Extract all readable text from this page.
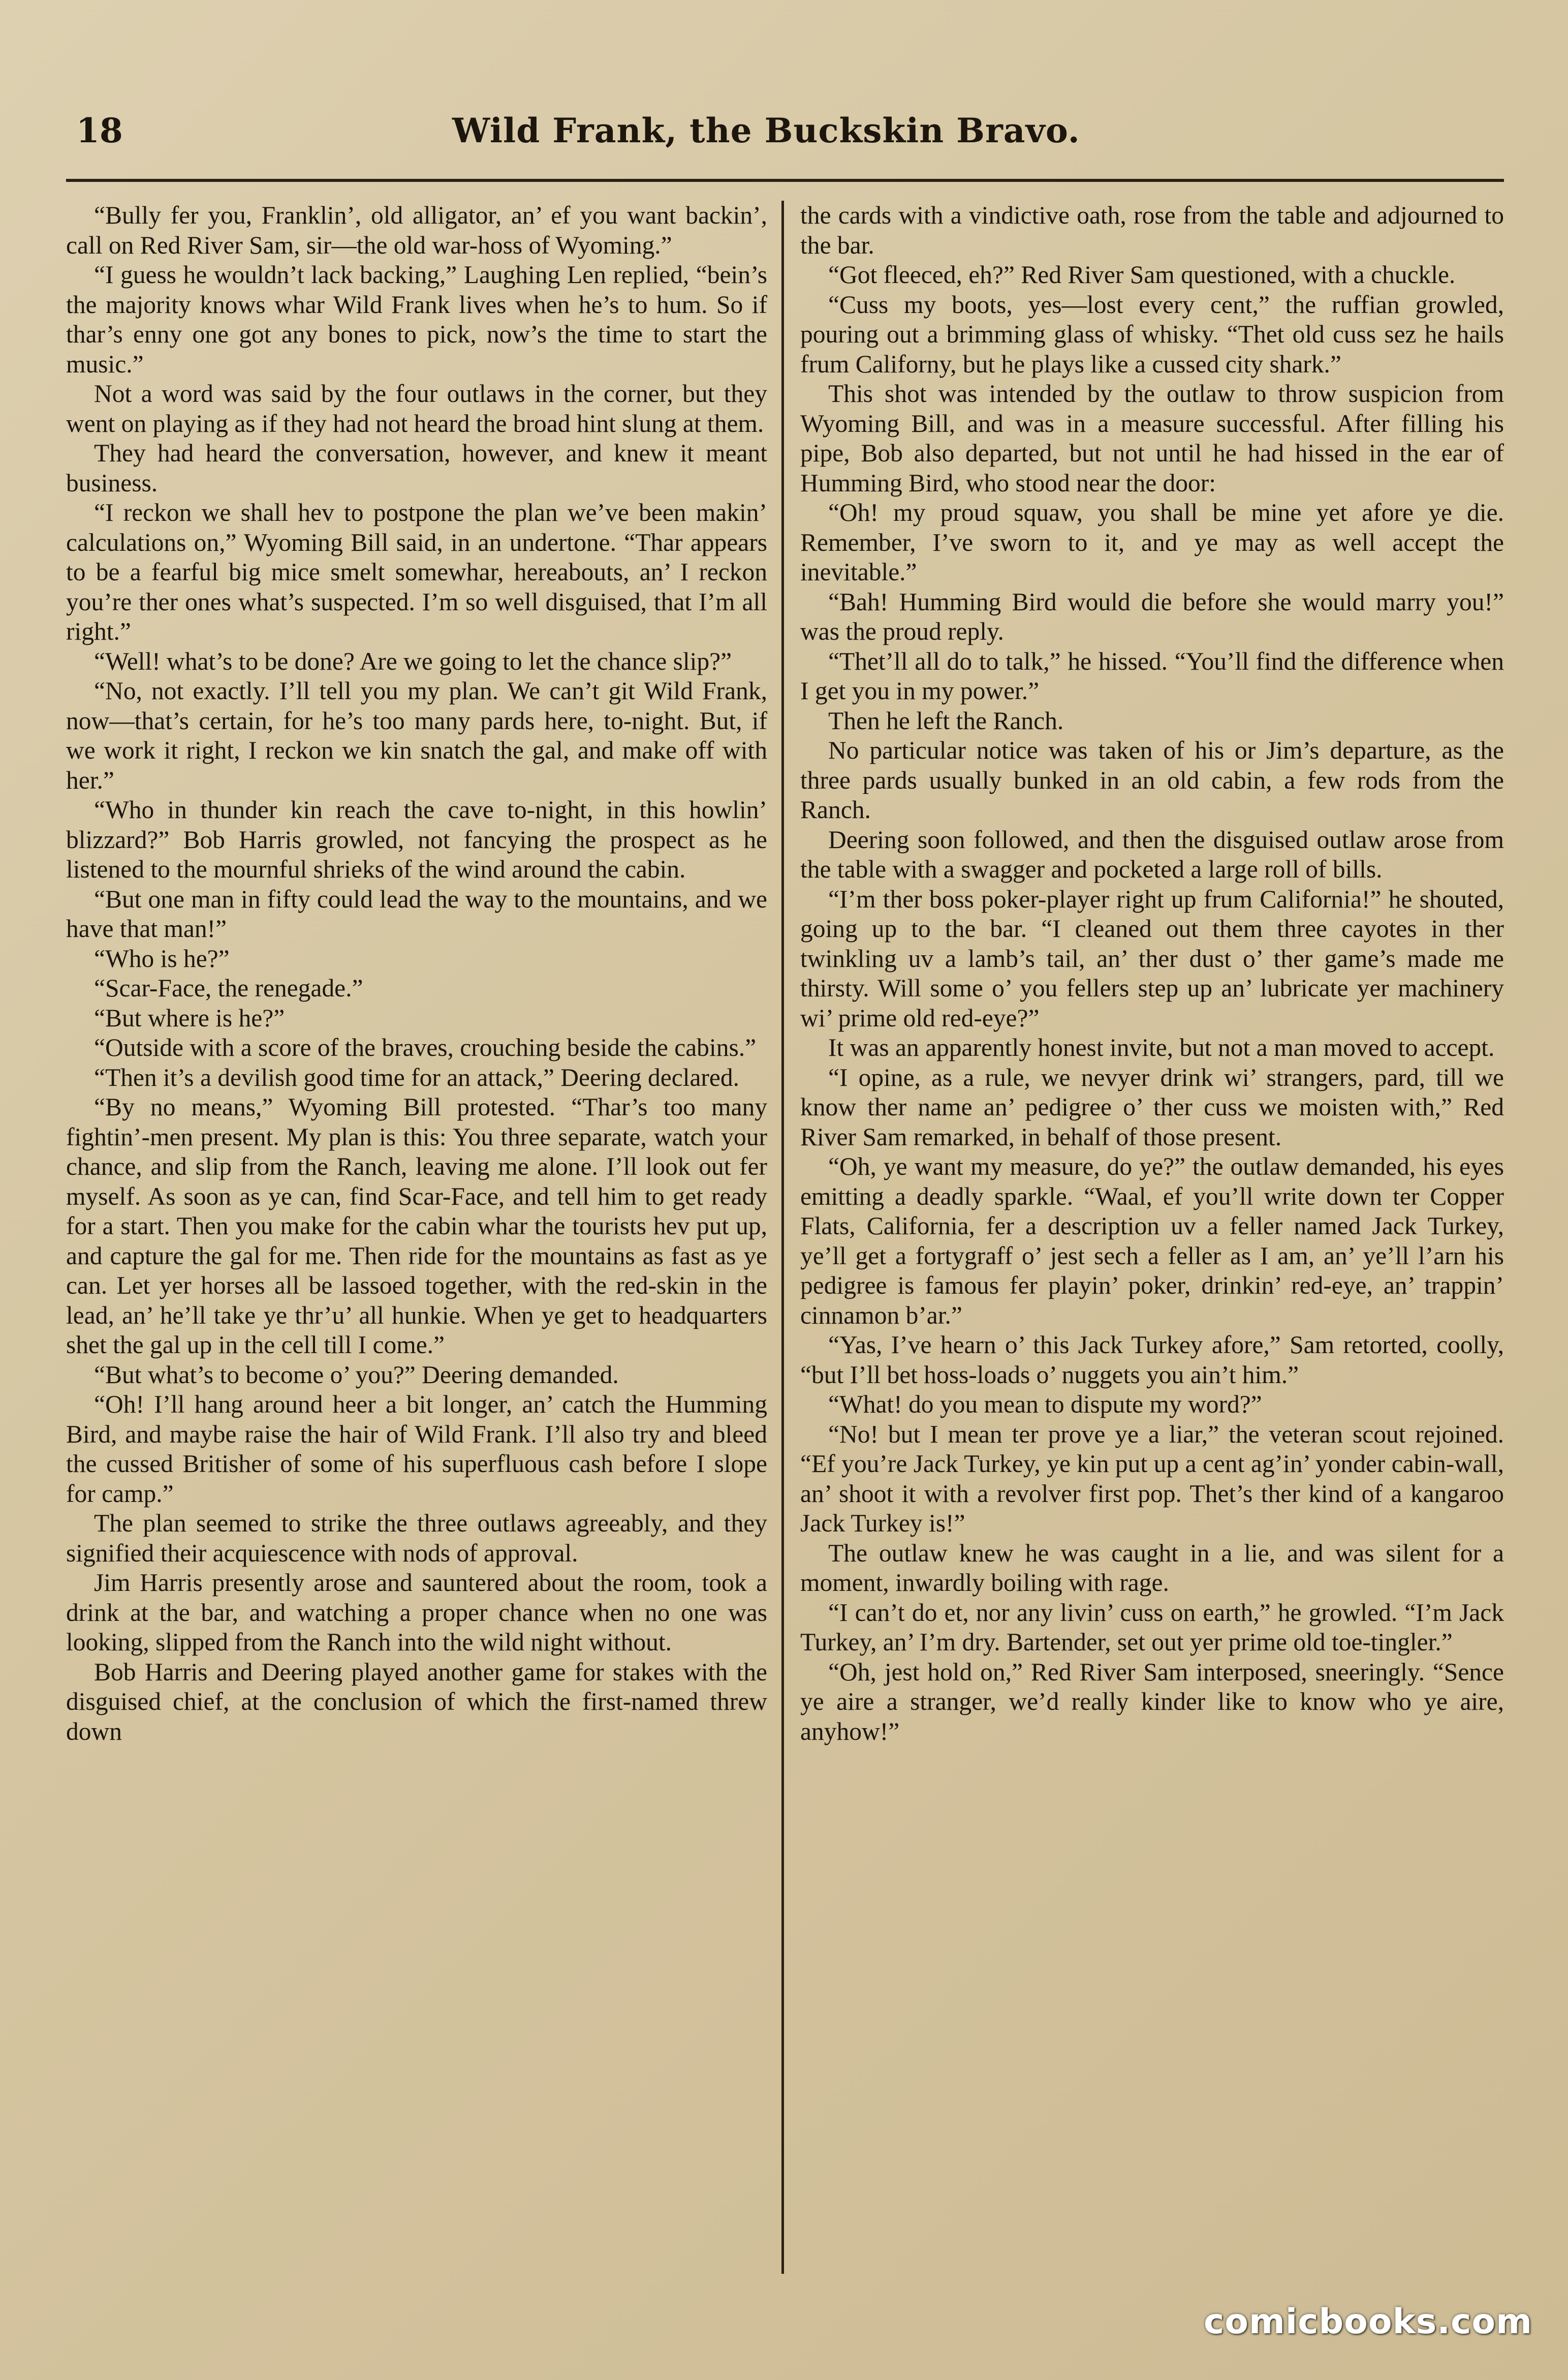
18	Wild Frank, the Buckskin Bravo.

“Bully fer you, Franklin’, old alligator, an’ ef you want backin’, call on Red River Sam, sir—the old war-hoss of Wyoming.”

“I guess he wouldn’t lack backing,” Laughing Len replied, “bein’s the majority knows whar Wild Frank lives when he’s to hum. So if thar’s enny one got any bones to pick, now’s the time to start the music.”

Not a word was said by the four outlaws in the corner, but they went on playing as if they had not heard the broad hint slung at them.

They had heard the conversation, however, and knew it meant business.

“I reckon we shall hev to postpone the plan we’ve been makin’ calculations on,” Wyoming Bill said, in an undertone. “Thar appears to be a fearful big mice smelt somewhar, hereabouts, an’ I reckon you’re ther ones what’s suspected. I’m so well disguised, that I’m all right.”

“Well! what’s to be done? Are we going to let the chance slip?”

“No, not exactly. I’ll tell you my plan. We can’t git Wild Frank, now—that’s certain, for he’s too many pards here, to-night. But, if we work it right, I reckon we kin snatch the gal, and make off with her.”

“Who in thunder kin reach the cave to-night, in this howlin’ blizzard?” Bob Harris growled, not fancying the prospect as he listened to the mournful shrieks of the wind around the cabin.

“But one man in fifty could lead the way to the mountains, and we have that man!”

“Who is he?”

“Scar-Face, the renegade.”

“But where is he?”

“Outside with a score of the braves, crouching beside the cabins.”

“Then it’s a devilish good time for an attack,” Deering declared.

“By no means,” Wyoming Bill protested. “Thar’s too many fightin’-men present. My plan is this: You three separate, watch your chance, and slip from the Ranch, leaving me alone. I’ll look out fer myself. As soon as ye can, find Scar-Face, and tell him to get ready for a start. Then you make for the cabin whar the tourists hev put up, and capture the gal for me. Then ride for the mountains as fast as ye can. Let yer horses all be lassoed together, with the red-skin in the lead, an’ he’ll take ye thr’u’ all hunkie. When ye get to headquarters shet the gal up in the cell till I come.”

“But what’s to become o’ you?” Deering demanded.

“Oh! I’ll hang around heer a bit longer, an’ catch the Humming Bird, and maybe raise the hair of Wild Frank. I’ll also try and bleed the cussed Britisher of some of his superfluous cash before I slope for camp.”

The plan seemed to strike the three outlaws agreeably, and they signified their acquiescence with nods of approval.

Jim Harris presently arose and sauntered about the room, took a drink at the bar, and watching a proper chance when no one was looking, slipped from the Ranch into the wild night without.

Bob Harris and Deering played another game for stakes with the disguised chief, at the conclusion of which the first-named threw down

the cards with a vindictive oath, rose from the table and adjourned to the bar.

“Got fleeced, eh?” Red River Sam questioned, with a chuckle.

“Cuss my boots, yes—lost every cent,” the ruffian growled, pouring out a brimming glass of whisky. “Thet old cuss sez he hails frum Californy, but he plays like a cussed city shark.”

This shot was intended by the outlaw to throw suspicion from Wyoming Bill, and was in a measure successful. After filling his pipe, Bob also departed, but not until he had hissed in the ear of Humming Bird, who stood near the door:

“Oh! my proud squaw, you shall be mine yet afore ye die. Remember, I’ve sworn to it, and ye may as well accept the inevitable.”

“Bah! Humming Bird would die before she would marry you!” was the proud reply.

“Thet’ll all do to talk,” he hissed. “You’ll find the difference when I get you in my power.”

Then he left the Ranch.

No particular notice was taken of his or Jim’s departure, as the three pards usually bunked in an old cabin, a few rods from the Ranch.

Deering soon followed, and then the disguised outlaw arose from the table with a swagger and pocketed a large roll of bills.

“I’m ther boss poker-player right up frum California!” he shouted, going up to the bar. “I cleaned out them three cayotes in ther twinkling uv a lamb’s tail, an’ ther dust o’ ther game’s made me thirsty. Will some o’ you fellers step up an’ lubricate yer machinery wi’ prime old red-eye?”

It was an apparently honest invite, but not a man moved to accept.

“I opine, as a rule, we nevyer drink wi’ strangers, pard, till we know ther name an’ pedigree o’ ther cuss we moisten with,” Red River Sam remarked, in behalf of those present.

“Oh, ye want my measure, do ye?” the outlaw demanded, his eyes emitting a deadly sparkle. “Waal, ef you’ll write down ter Copper Flats, California, fer a description uv a feller named Jack Turkey, ye’ll get a fortygraff o’ jest sech a feller as I am, an’ ye’ll l’arn his pedigree is famous fer playin’ poker, drinkin’ red-eye, an’ trappin’ cinnamon b’ar.”

“Yas, I’ve hearn o’ this Jack Turkey afore,” Sam retorted, coolly, “but I’ll bet hoss-loads o’ nuggets you ain’t him.”

“What! do you mean to dispute my word?”

“No! but I mean ter prove ye a liar,” the veteran scout rejoined. “Ef you’re Jack Turkey, ye kin put up a cent ag’in’ yonder cabin-wall, an’ shoot it with a revolver first pop. Thet’s ther kind of a kangaroo Jack Turkey is!”

The outlaw knew he was caught in a lie, and was silent for a moment, inwardly boiling with rage.

“I can’t do et, nor any livin’ cuss on earth,” he growled. “I’m Jack Turkey, an’ I’m dry. Bartender, set out yer prime old toe-tingler.”

“Oh, jest hold on,” Red River Sam interposed, sneeringly. “Sence ye aire a stranger, we’d really kinder like to know who ye aire, anyhow!”

comicbooks.com
